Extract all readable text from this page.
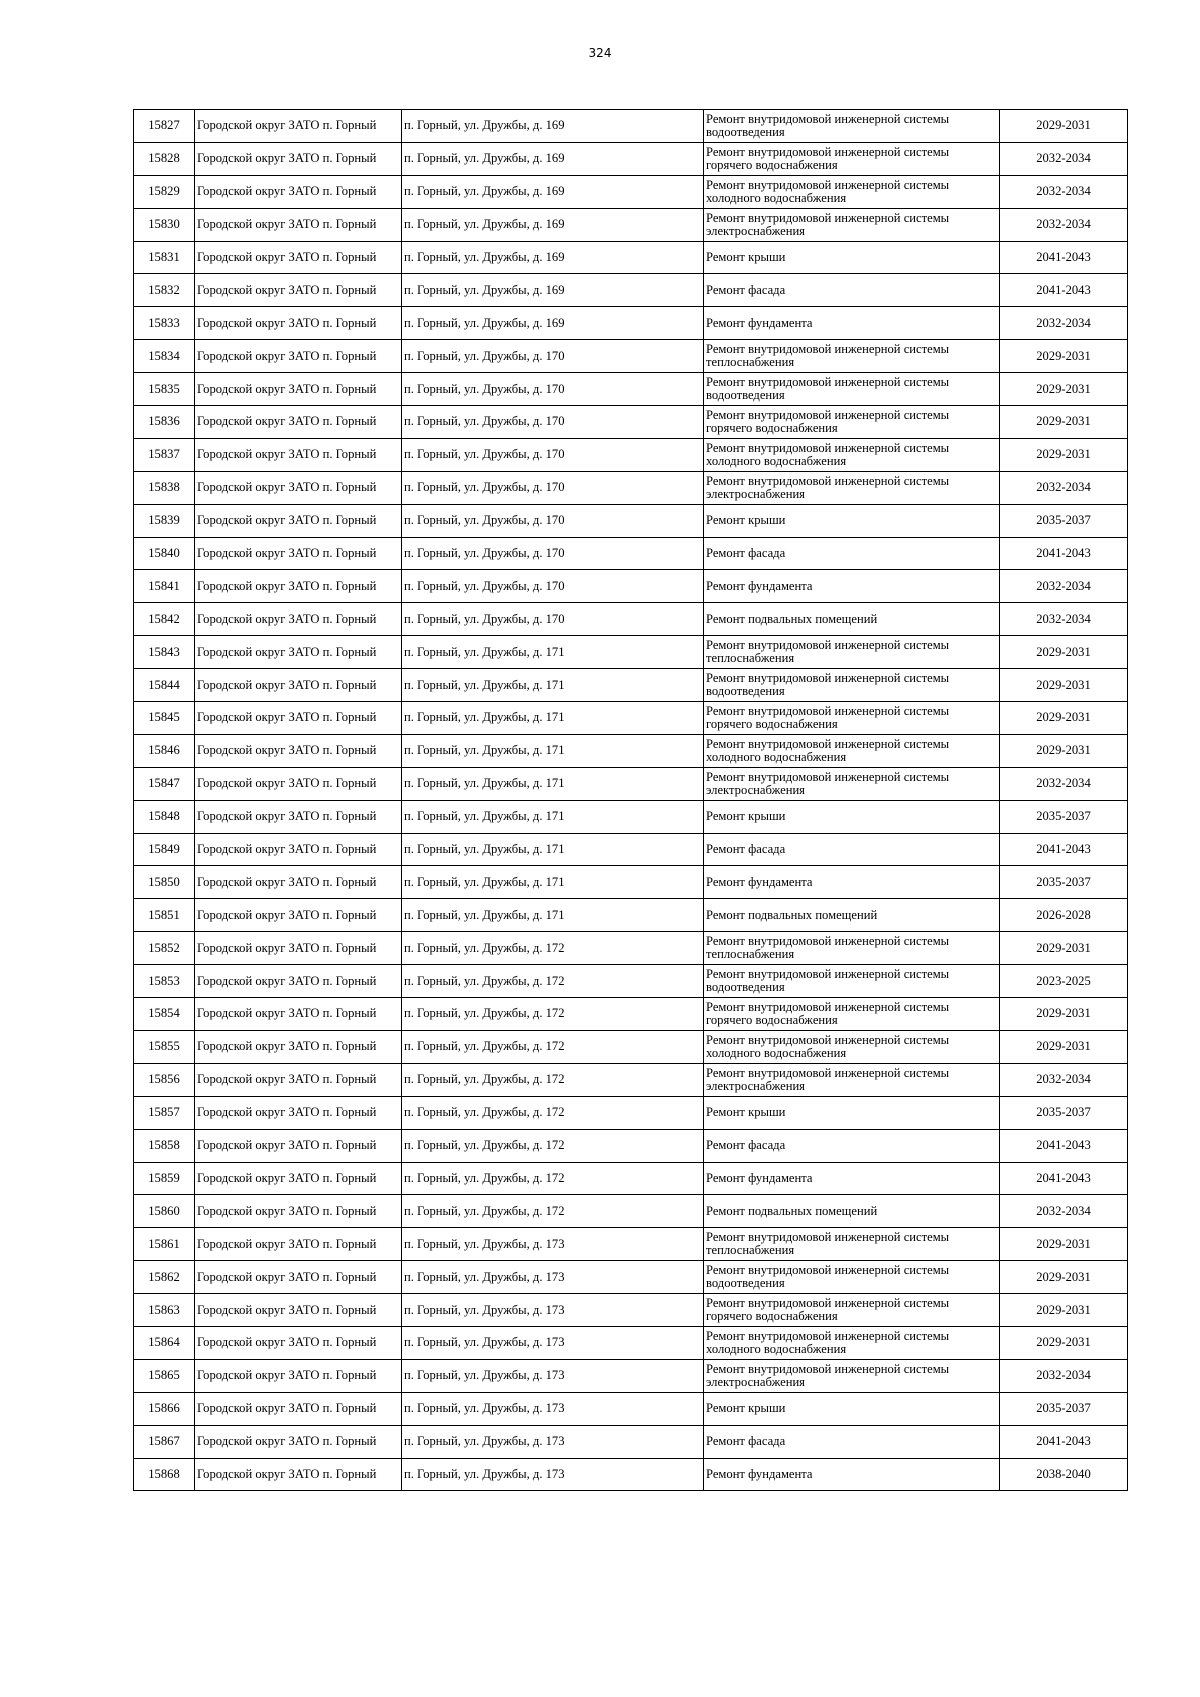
324
15827	Городской округ ЗАТО п. Горный	п. Горный, ул. Дружбы, д. 169	Ремонт внутридомовой инженерной системы водоотведения	2029-2031
15828	Городской округ ЗАТО п. Горный	п. Горный, ул. Дружбы, д. 169	Ремонт внутридомовой инженерной системы горячего водоснабжения	2032-2034
15829	Городской округ ЗАТО п. Горный	п. Горный, ул. Дружбы, д. 169	Ремонт внутридомовой инженерной системы холодного водоснабжения	2032-2034
15830	Городской округ ЗАТО п. Горный	п. Горный, ул. Дружбы, д. 169	Ремонт внутридомовой инженерной системы электроснабжения	2032-2034
15831	Городской округ ЗАТО п. Горный	п. Горный, ул. Дружбы, д. 169	Ремонт крыши	2041-2043
15832	Городской округ ЗАТО п. Горный	п. Горный, ул. Дружбы, д. 169	Ремонт фасада	2041-2043
15833	Городской округ ЗАТО п. Горный	п. Горный, ул. Дружбы, д. 169	Ремонт фундамента	2032-2034
15834	Городской округ ЗАТО п. Горный	п. Горный, ул. Дружбы, д. 170	Ремонт внутридомовой инженерной системы теплоснабжения	2029-2031
15835	Городской округ ЗАТО п. Горный	п. Горный, ул. Дружбы, д. 170	Ремонт внутридомовой инженерной системы водоотведения	2029-2031
15836	Городской округ ЗАТО п. Горный	п. Горный, ул. Дружбы, д. 170	Ремонт внутридомовой инженерной системы горячего водоснабжения	2029-2031
15837	Городской округ ЗАТО п. Горный	п. Горный, ул. Дружбы, д. 170	Ремонт внутридомовой инженерной системы холодного водоснабжения	2029-2031
15838	Городской округ ЗАТО п. Горный	п. Горный, ул. Дружбы, д. 170	Ремонт внутридомовой инженерной системы электроснабжения	2032-2034
15839	Городской округ ЗАТО п. Горный	п. Горный, ул. Дружбы, д. 170	Ремонт крыши	2035-2037
15840	Городской округ ЗАТО п. Горный	п. Горный, ул. Дружбы, д. 170	Ремонт фасада	2041-2043
15841	Городской округ ЗАТО п. Горный	п. Горный, ул. Дружбы, д. 170	Ремонт фундамента	2032-2034
15842	Городской округ ЗАТО п. Горный	п. Горный, ул. Дружбы, д. 170	Ремонт подвальных помещений	2032-2034
15843	Городской округ ЗАТО п. Горный	п. Горный, ул. Дружбы, д. 171	Ремонт внутридомовой инженерной системы теплоснабжения	2029-2031
15844	Городской округ ЗАТО п. Горный	п. Горный, ул. Дружбы, д. 171	Ремонт внутридомовой инженерной системы водоотведения	2029-2031
15845	Городской округ ЗАТО п. Горный	п. Горный, ул. Дружбы, д. 171	Ремонт внутридомовой инженерной системы горячего водоснабжения	2029-2031
15846	Городской округ ЗАТО п. Горный	п. Горный, ул. Дружбы, д. 171	Ремонт внутридомовой инженерной системы холодного водоснабжения	2029-2031
15847	Городской округ ЗАТО п. Горный	п. Горный, ул. Дружбы, д. 171	Ремонт внутридомовой инженерной системы электроснабжения	2032-2034
15848	Городской округ ЗАТО п. Горный	п. Горный, ул. Дружбы, д. 171	Ремонт крыши	2035-2037
15849	Городской округ ЗАТО п. Горный	п. Горный, ул. Дружбы, д. 171	Ремонт фасада	2041-2043
15850	Городской округ ЗАТО п. Горный	п. Горный, ул. Дружбы, д. 171	Ремонт фундамента	2035-2037
15851	Городской округ ЗАТО п. Горный	п. Горный, ул. Дружбы, д. 171	Ремонт подвальных помещений	2026-2028
15852	Городской округ ЗАТО п. Горный	п. Горный, ул. Дружбы, д. 172	Ремонт внутридомовой инженерной системы теплоснабжения	2029-2031
15853	Городской округ ЗАТО п. Горный	п. Горный, ул. Дружбы, д. 172	Ремонт внутридомовой инженерной системы водоотведения	2023-2025
15854	Городской округ ЗАТО п. Горный	п. Горный, ул. Дружбы, д. 172	Ремонт внутридомовой инженерной системы горячего водоснабжения	2029-2031
15855	Городской округ ЗАТО п. Горный	п. Горный, ул. Дружбы, д. 172	Ремонт внутридомовой инженерной системы холодного водоснабжения	2029-2031
15856	Городской округ ЗАТО п. Горный	п. Горный, ул. Дружбы, д. 172	Ремонт внутридомовой инженерной системы электроснабжения	2032-2034
15857	Городской округ ЗАТО п. Горный	п. Горный, ул. Дружбы, д. 172	Ремонт крыши	2035-2037
15858	Городской округ ЗАТО п. Горный	п. Горный, ул. Дружбы, д. 172	Ремонт фасада	2041-2043
15859	Городской округ ЗАТО п. Горный	п. Горный, ул. Дружбы, д. 172	Ремонт фундамента	2041-2043
15860	Городской округ ЗАТО п. Горный	п. Горный, ул. Дружбы, д. 172	Ремонт подвальных помещений	2032-2034
15861	Городской округ ЗАТО п. Горный	п. Горный, ул. Дружбы, д. 173	Ремонт внутридомовой инженерной системы теплоснабжения	2029-2031
15862	Городской округ ЗАТО п. Горный	п. Горный, ул. Дружбы, д. 173	Ремонт внутридомовой инженерной системы водоотведения	2029-2031
15863	Городской округ ЗАТО п. Горный	п. Горный, ул. Дружбы, д. 173	Ремонт внутридомовой инженерной системы горячего водоснабжения	2029-2031
15864	Городской округ ЗАТО п. Горный	п. Горный, ул. Дружбы, д. 173	Ремонт внутридомовой инженерной системы холодного водоснабжения	2029-2031
15865	Городской округ ЗАТО п. Горный	п. Горный, ул. Дружбы, д. 173	Ремонт внутридомовой инженерной системы электроснабжения	2032-2034
15866	Городской округ ЗАТО п. Горный	п. Горный, ул. Дружбы, д. 173	Ремонт крыши	2035-2037
15867	Городской округ ЗАТО п. Горный	п. Горный, ул. Дружбы, д. 173	Ремонт фасада	2041-2043
15868	Городской округ ЗАТО п. Горный	п. Горный, ул. Дружбы, д. 173	Ремонт фундамента	2038-2040
